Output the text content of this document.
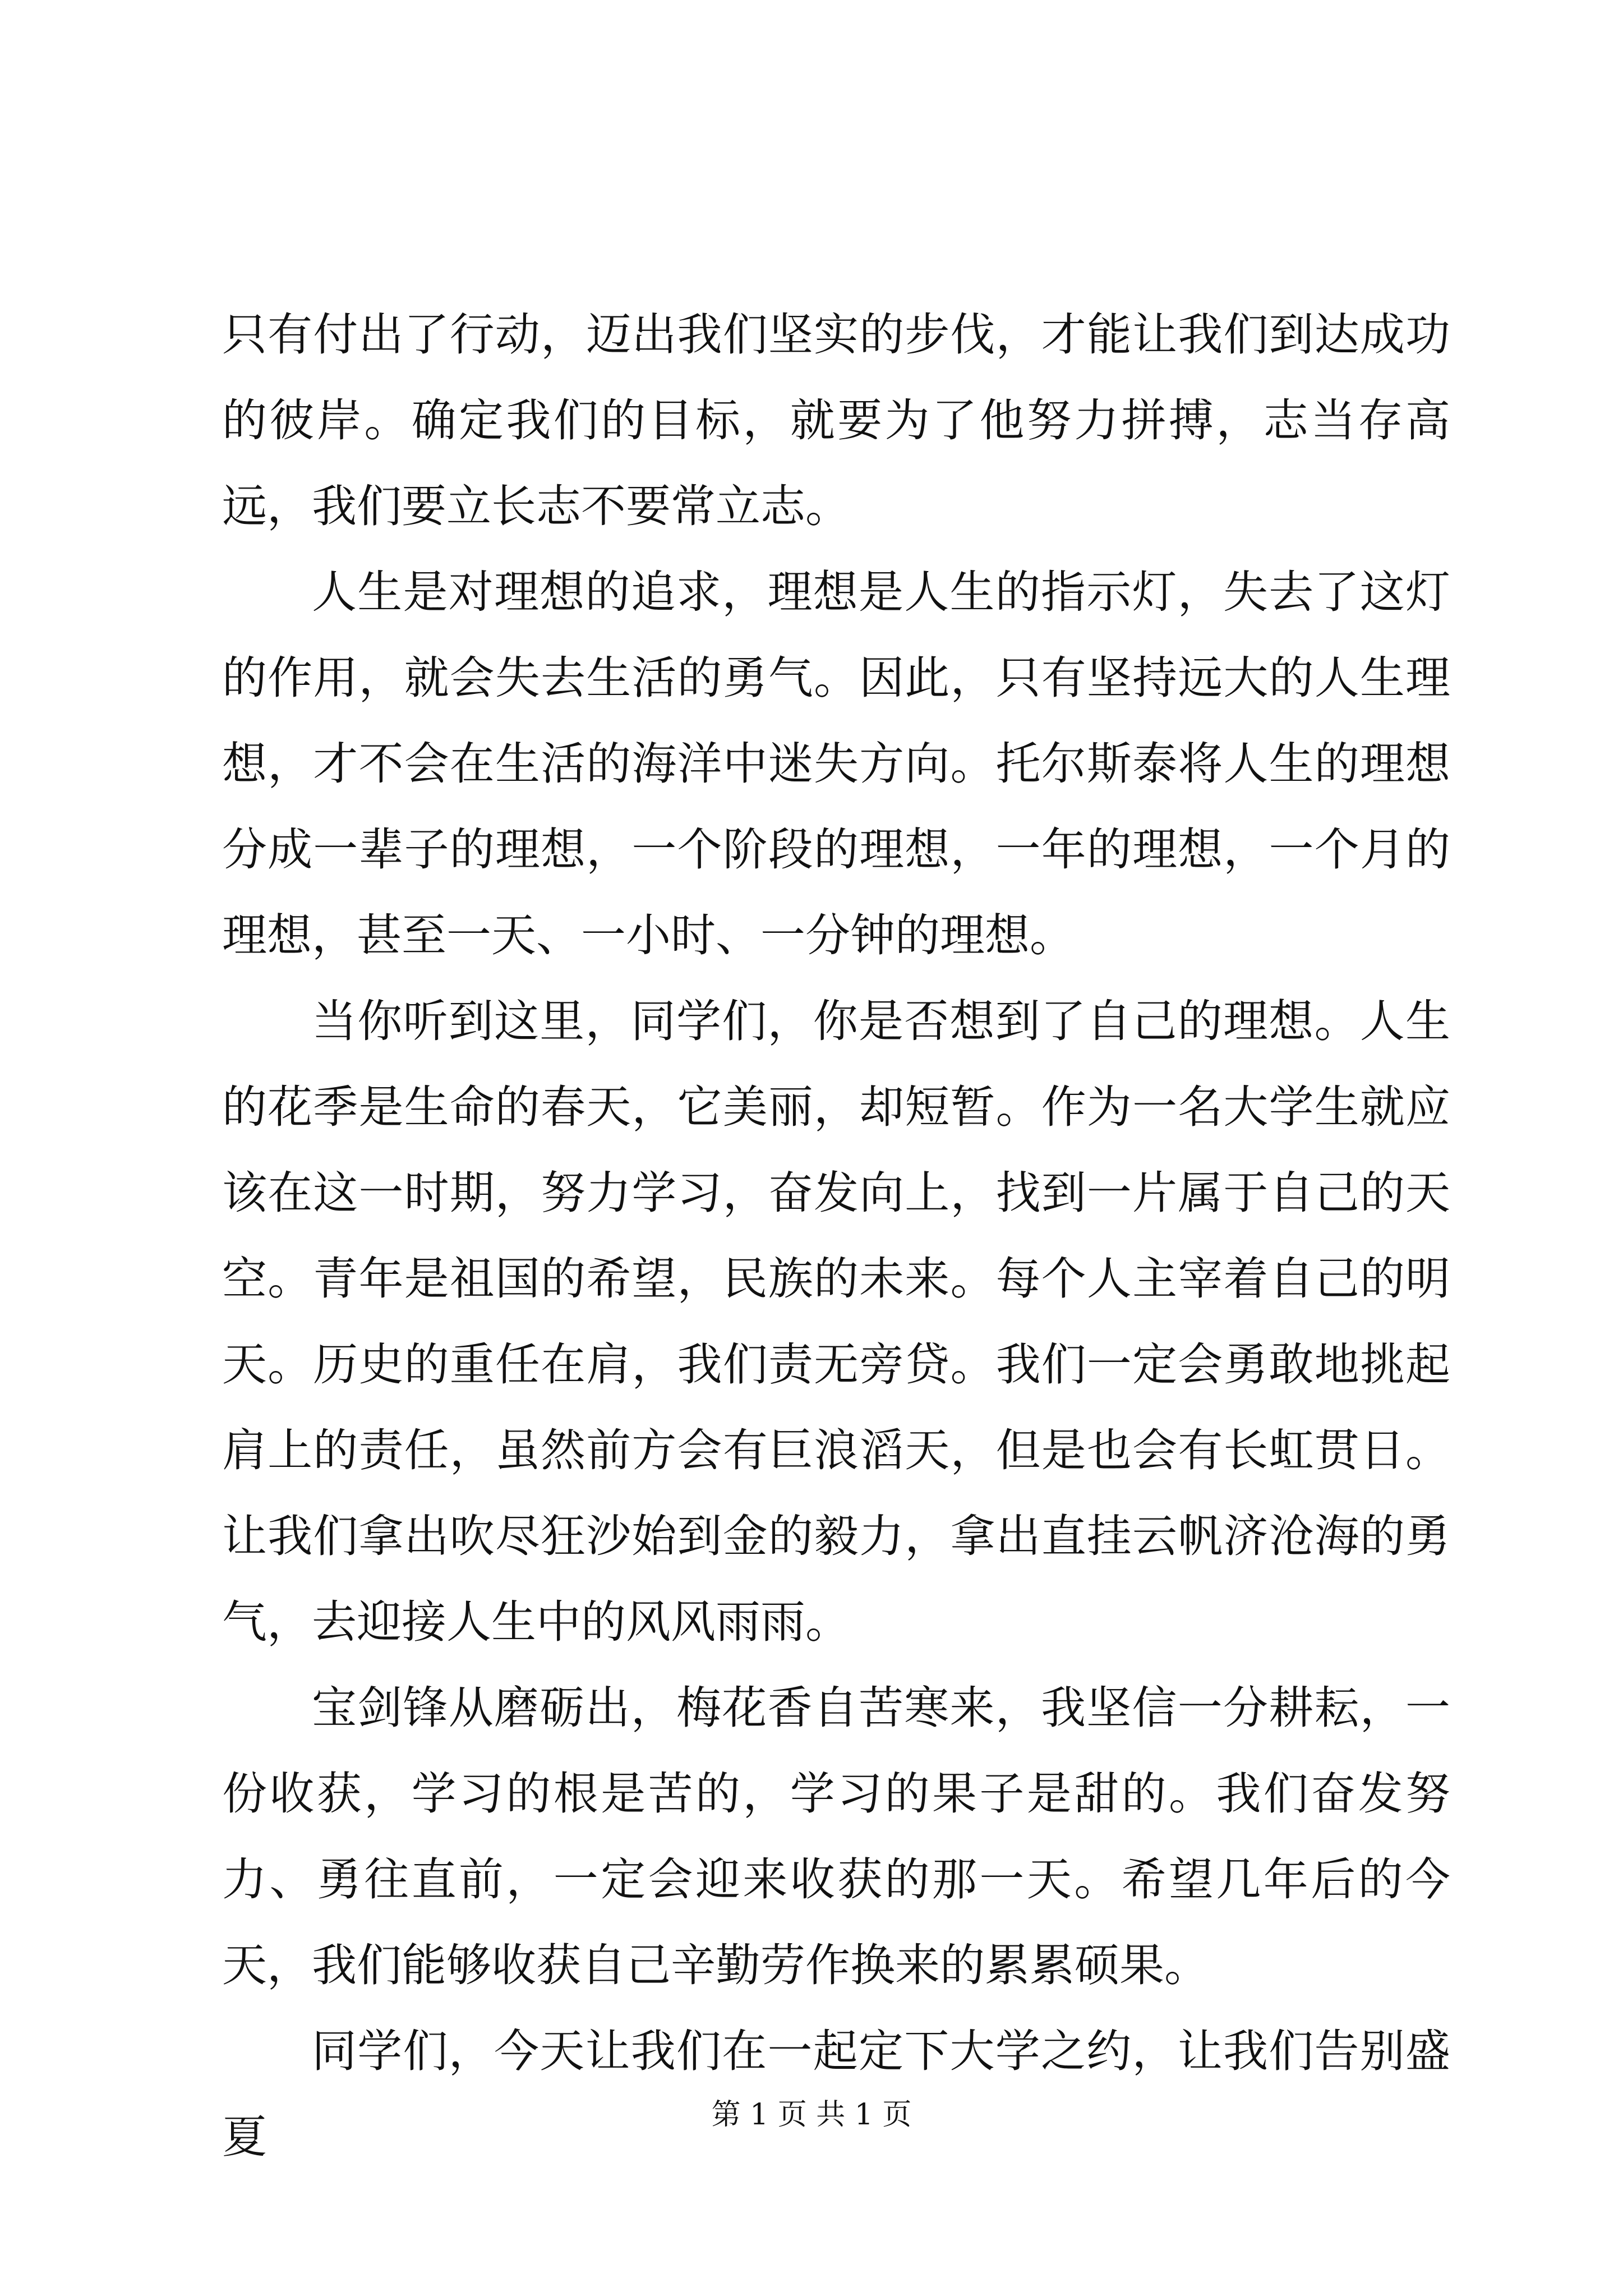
只有付出了行动，迈出我们坚实的步伐，才能让我们到达成功的彼岸。确定我们的目标，就要为了他努力拼搏，志当存高远，我们要立长志不要常立志。

人生是对理想的追求，理想是人生的指示灯，失去了这灯的作用，就会失去生活的勇气。因此，只有坚持远大的人生理想，才不会在生活的海洋中迷失方向。托尔斯泰将人生的理想分成一辈子的理想，一个阶段的理想，一年的理想，一个月的理想，甚至一天、一小时、一分钟的理想。

当你听到这里，同学们，你是否想到了自己的理想。人生的花季是生命的春天，它美丽，却短暂。作为一名大学生就应该在这一时期，努力学习，奋发向上，找到一片属于自己的天空。青年是祖国的希望，民族的未来。每个人主宰着自己的明天。历史的重任在肩，我们责无旁贷。我们一定会勇敢地挑起肩上的责任，虽然前方会有巨浪滔天，但是也会有长虹贯日。让我们拿出吹尽狂沙始到金的毅力，拿出直挂云帆济沧海的勇气，去迎接人生中的风风雨雨。

宝剑锋从磨砺出，梅花香自苦寒来，我坚信一分耕耘，一份收获，学习的根是苦的，学习的果子是甜的。我们奋发努力、勇往直前，一定会迎来收获的那一天。希望几年后的今天，我们能够收获自己辛勤劳作换来的累累硕果。

同学们，今天让我们在一起定下大学之约，让我们告别盛夏	第 1 页 共 1 页
